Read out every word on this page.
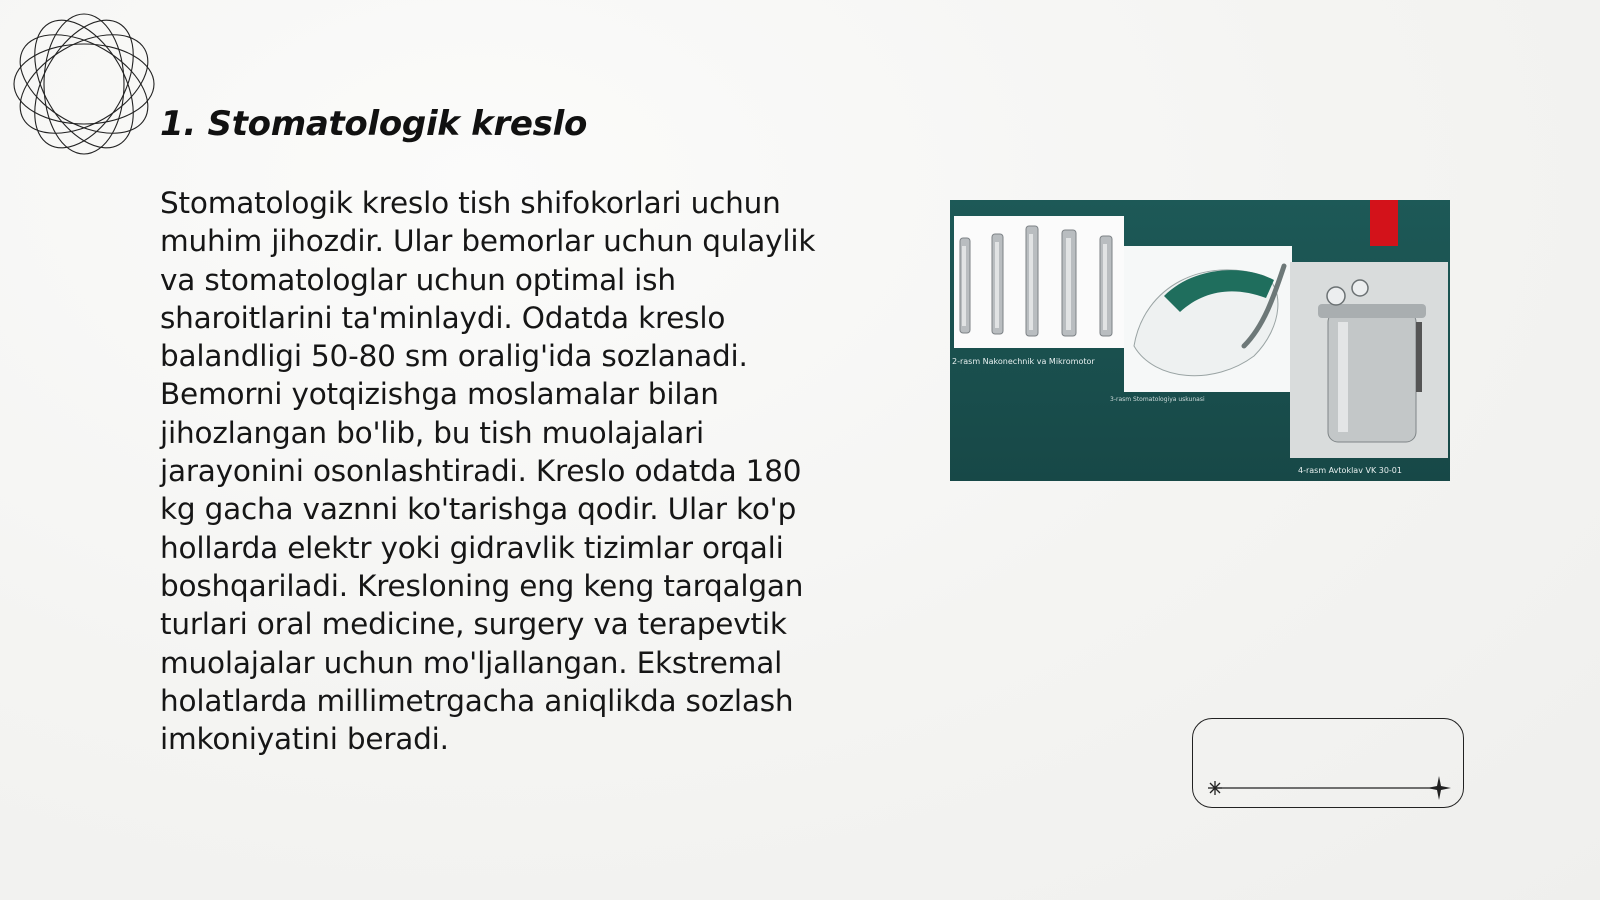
1. Stomatologik kreslo

Stomatologik kreslo tish shifokorlari uchun
muhim jihozdir. Ular bemorlar uchun qulaylik
va stomatologlar uchun optimal ish
sharoitlarini ta'minlaydi. Odatda kreslo
balandligi 50-80 sm oralig'ida sozlanadi.
Bemorni yotqizishga moslamalar bilan
jihozlangan bo'lib, bu tish muolajalari
jarayonini osonlashtiradi. Kreslo odatda 180
kg gacha vaznni ko'tarishga qodir. Ular ko'p
hollarda elektr yoki gidravlik tizimlar orqali
boshqariladi. Kresloning eng keng tarqalgan
turlari oral medicine, surgery va terapevtik
muolajalar uchun mo'ljallangan. Ekstremal
holatlarda millimetrgacha aniqlikda sozlash
imkoniyatini beradi.

2-rasm Nakonechnik va Mikromotor
3-rasm Stomatologiya uskunasi
4-rasm Avtoklav VK 30-01
